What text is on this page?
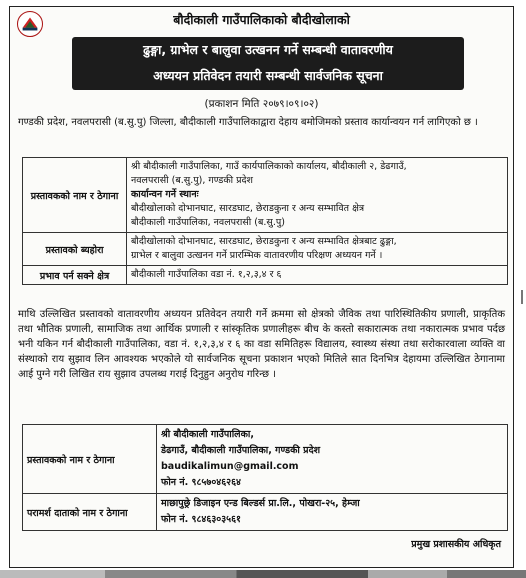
बौदीकाली गाउँपालिकाको बौदीखोलाको
ढुङ्गा, ग्राभेल र बालुवा उत्खनन गर्ने सम्बन्धी वातावरणीय
अध्ययन प्रतिवेदन तयारी सम्बन्धी सार्वजनिक सूचना
(प्रकाशन मिति २०७९।०९।०२)
गण्डकी प्रदेश, नवलपरासी (ब.सु.पु) जिल्ला, बौदीकाली गाउँपालिकाद्वारा देहाय बमोजिमको प्रस्ताव कार्यान्वयन गर्न लागिएको छ ।
प्रस्तावकको नाम र ठेगाना	श्री बौदीकाली गाउँपालिका, गाउँ कार्यपालिकाको कार्यालय, बौदीकाली २, डेढगाउँ,
नवलपरासी (ब.सु.पु), गण्डकी प्रदेश
कार्यान्वन गर्ने स्थानः
बौदीखोलाको दोभानघाट, सारडघाट, छेराडकुना र अन्य सम्भावित क्षेत्र
बौदीकाली गाउँपालिका, नवलपरासी (ब.सु.पु)

प्रस्तावको ब्यहोरा	बौदीखोलाको दोभानघाट, सारडघाट, छेराडकुना र अन्य सम्भावित क्षेत्रबाट ढुङ्गा,
ग्राभेल र बालुवा उत्खनन गर्ने प्रारम्भिक वातावरणीय परिक्षण अध्ययन गर्ने ।

प्रभाव पर्न सक्ने क्षेत्र	बौदीकाली गाउँपालिका वडा नं. १,२,३,४ र ६
माथि उल्लिखित प्रस्तावको वातावरणीय अध्ययन प्रतिवेदन तयारी गर्ने क्रममा सो क्षेत्रको जैविक तथा पारिस्थितिकीय प्रणाली, प्राकृतिक तथा भौतिक प्रणाली, सामाजिक तथा आर्थिक प्रणाली र सांस्कृतिक प्रणालीहरू बीच के कस्तो सकारात्मक तथा नकारात्मक प्रभाव पर्दछ भनी यकिन गर्न बौदीकाली गाउँपालिका, वडा नं. १,२,३,४ र ६ का वडा समितिहरू विद्यालय, स्वास्थ्य संस्था तथा सरोकारवाला व्यक्ति वा संस्थाको राय सुझाव लिन आवश्यक भएकोले यो सार्वजनिक सूचना प्रकाशन भएको मितिले सात दिनभित्र देहायमा उल्लिखित ठेगानामा आई पुग्ने गरी लिखित राय सुझाव उपलब्ध गराई दिनुहुन अनुरोध गरिन्छ ।
प्रस्तावकको नाम र ठेगाना	श्री बौदीकाली गाउँपालिका,
डेढगाउँ, बौदीकाली गाउँपालिका, गण्डकी प्रदेश
baudikalimun@gmail.com
फोन नं. ९८५७०४६२६४

परामर्श दाताको नाम र ठेगाना	माछापुछ्रे डिजाइन एन्ड बिल्डर्स प्रा.लि., पोखरा-२५, हेम्जा
फोन नं. ९८४६३०३५६१
प्रमुख प्रशासकीय अधिकृत
